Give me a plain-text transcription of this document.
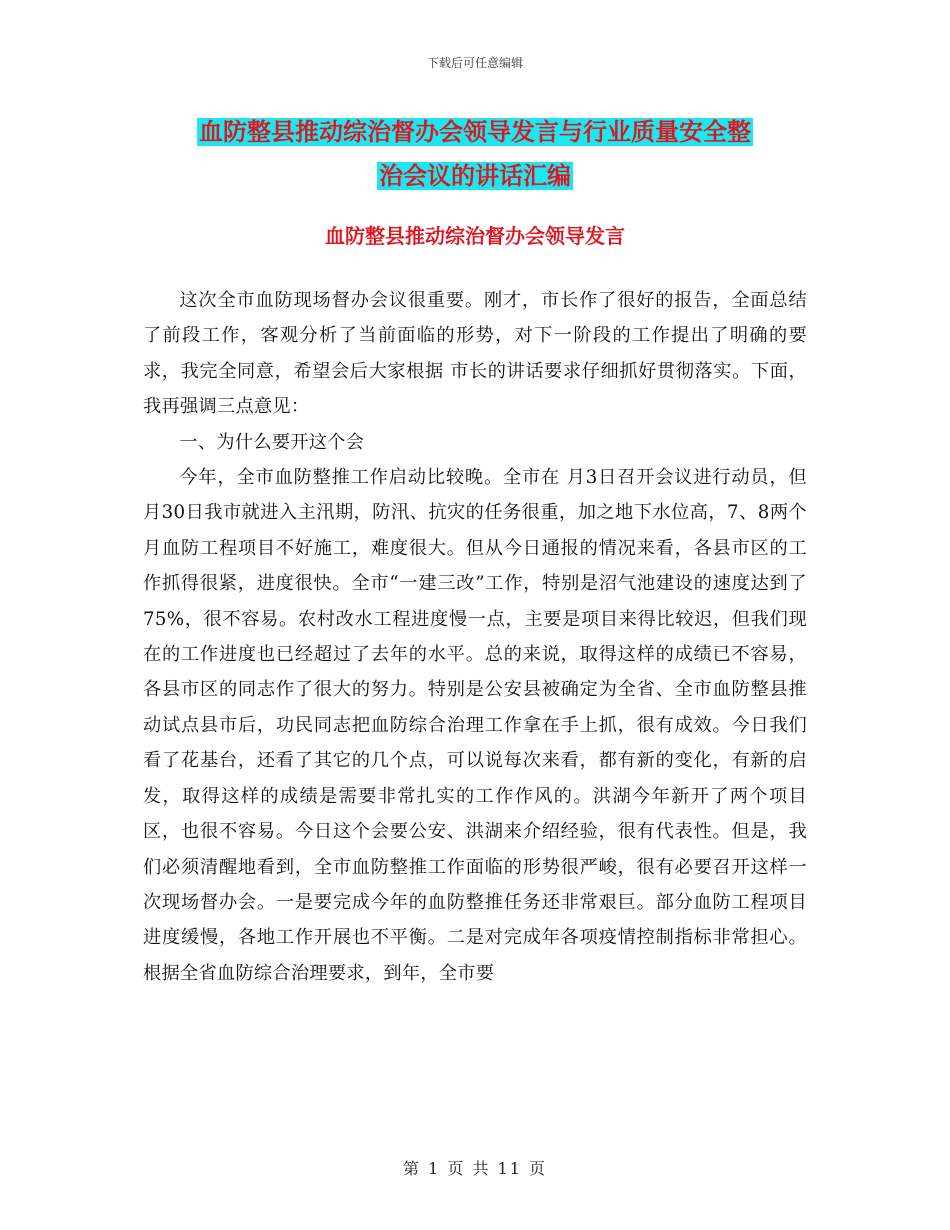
下载后可任意编辑
血防整县推动综治督办会领导发言与行业质量安全整
治会议的讲话汇编
血防整县推动综治督办会领导发言

这次全市血防现场督办会议很重要。刚才，市长作了很好的报告，全面总结了前段工作，客观分析了当前面临的形势，对下一阶段的工作提出了明确的要求，我完全同意，希望会后大家根据 市长的讲话要求仔细抓好贯彻落实。下面，我再强调三点意见：

一、为什么要开这个会

今年，全市血防整推工作启动比较晚。全市在 月3日召开会议进行动员，但 月30日我市就进入主汛期，防汛、抗灾的任务很重，加之地下水位高，7、8两个月血防工程项目不好施工，难度很大。但从今日通报的情况来看，各县市区的工作抓得很紧，进度很快。全市“一建三改”工作，特别是沼气池建设的速度达到了75%，很不容易。农村改水工程进度慢一点，主要是项目来得比较迟，但我们现在的工作进度也已经超过了去年的水平。总的来说，取得这样的成绩已不容易，各县市区的同志作了很大的努力。特别是公安县被确定为全省、全市血防整县推动试点县市后，功民同志把血防综合治理工作拿在手上抓，很有成效。今日我们看了花基台，还看了其它的几个点，可以说每次来看，都有新的变化，有新的启发，取得这样的成绩是需要非常扎实的工作作风的。洪湖今年新开了两个项目区，也很不容易。今日这个会要公安、洪湖来介绍经验，很有代表性。但是，我们必须清醒地看到，全市血防整推工作面临的形势很严峻，很有必要召开这样一次现场督办会。一是要完成今年的血防整推任务还非常艰巨。部分血防工程项目进度缓慢，各地工作开展也不平衡。二是对完成年各项疫情控制指标非常担心。根据全省血防综合治理要求，到年，全市要

第 1 页 共 11 页
